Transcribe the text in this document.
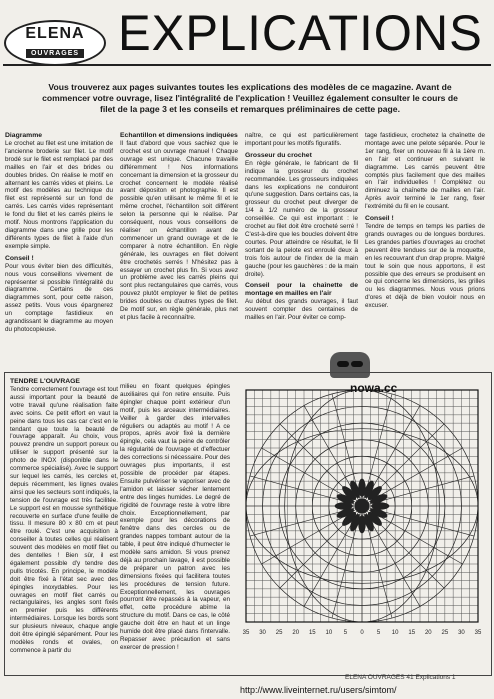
ELENA
OUVRAGES EXPLICATIONS
Vous trouverez aux pages suivantes toutes les explications des modèles de ce magazine. Avant de commencer votre ouvrage, lisez l'intégralité de l'explication ! Veuillez également consulter le cours de filet de la page 3 et les conseils et remarques préliminaires de cette page.
Diagramme

Le crochet au filet est une imitation de l'ancienne broderie sur filet. Le motif brodé sur le filet est remplacé par des mailles en l'air et des brides ou doubles brides. On réalise le motif en alternant les carrés vides et pleins. Le motif des modèles au technique du filet est représenté sur un fond de carrés. Les carrés vides représentant le fond du filet et les carrés pleins le motif. Nous montrons l'application du diagramme dans une grille pour les différents types de filet à l'aide d'un exemple simple.

Conseil !

Pour vous éviter bien des difficultés, nous vous conseillons vivement de représenter si possible l'intégralité du diagramme. Certains de ces diagrammes sont, pour cette raison, assez petits. Vous vous épargnerez un comptage fastidieux en agrandissant le diagramme au moyen du photocopieuse.

Echantillon et dimensions indiquées

Il faut d'abord que vous sachiez que le crochet est un ouvrage manuel ! Chaque ouvrage est unique. Chacune travaille différemment ! Nos informations concernant la dimension et la grosseur du crochet concernent le modèle réalisé avant dépositon et photographie. Il est possible qu'en utilisant le même fil et le même crochet, l'échantillon soit différent selon la personne qui le réalise. Par conséquent, nous vous conseillons de réaliser un échantillon avant de commencer un grand ouvrage et de le comparer à notre échantillon. En règle générale, les ouvrages en filet doivent être crochetés serrés ! N'hésitez pas à essayer un crochet plus fin. Si vous avez un problème avec les carrés pleins qui sont plus rectangulaires que carrés, vous pouvez plutôt employer le filet de petites brides doubles ou d'autres types de filet. De motif sur, en règle générale, plus net et plus facile à reconnaître.

naître, ce qui est particulièrement important pour les motifs figuratifs.

Grosseur du crochet

En règle générale, le fabricant de fil indique la grosseur du crochet recommandée. Les grosseurs indiquées dans les explications ne conduiront qu'une suggestion. Dans certains cas, la grosseur du crochet peut diverger de 1/4 à 1/2 numéro de la grosseur conseillée. Ce qui est important : le crochet au filet doit être crocheté serré ! C'est-à-dire que les boucles doivent être courtes. Pour atteindre ce résultat, le fil sortant de la pelote est enroulé deux à trois fois autour de l'index de la main gauche (pour les gauchères : de la main droite).

Conseil pour la chaînette de montage en mailles en l'air

Au début des grands ouvrages, il faut souvent compter des centaines de mailles en l'air. Pour éviter ce comp-

tage fastidieux, crochetez la chaînette de montage avec une pelote séparée. Pour le 1er rang, fixer un nouveau fil à la 1ère m. en l'air et continuer en suivant le diagramme. Les carrés peuvent être comptés plus facilement que des mailles en l'air individuelles ! Complétez ou diminuez la chaînette de mailles en l'air. Après avoir terminé le 1er rang, fixer l'extrémité du fil en le cousant.

Conseil !

Tendre de temps en temps les parties de grands ouvrages ou de longues bordures. Les grandes parties d'ouvrages au crochet peuvent être tendues sur de la moquette, en les recouvrant d'un drap propre. Malgré tout le soin que nous apportons, il est possible que des erreurs se produisent en ce qui concerne les dimensions, les grilles ou les diagrammes. Nous vous prions d'ores et déjà de bien vouloir nous en excuser.

nowa.cc
TENDRE L'OUVRAGE

Tendre correctement l'ouvrage est tout aussi important pour la beauté de votre travail qu'une réalisation faite avec soins. Ce petit effort en vaut la peine dans tous les cas car c'est en le tendant que toute la beauté de l'ouvrage apparaît. Au choix, vous pouvez prendre un support poreux ou utiliser le support présenté sur la photo de INOX (disponible dans le commerce spécialisé). Avec le support sur lequel les carrés, les cercles et, depuis récemment, les lignes ovales ainsi que les secteurs sont indiqués, la tension de l'ouvrage est très facilitée. Le support est en mousse synthétique recouverte en surface d'une feuille de tissu. Il mesure 80 x 80 cm et peut être roulé. C'est une acquisition à conseiller à toutes celles qui réalisent souvent des modèles en motif filet ou des dentelles ! Bien sûr, il est également possible d'y tendre des pulls tricotés. En principe, le modèle doit être fixé à l'état sec avec des épingles inoxydables. Pour les ouvrages en motif filet carrés ou rectangulaires, les angles sont fixés en premier puis les différents intermédiaires. Lorsque les bords sont sur plusieurs niveaux, chaque angle doit être épinglé séparément. Pour les modèles ronds et ovales, on commence à partir du

milieu en fixant quelques épingles auxiliaires qui l'on retire ensuite. Puis épingler chaque point extérieur d'un motif, puis les arceaux intermédiaires. Veiller à garder des intervalles réguliers ou adaptés au motif ! A ce propos, après avoir fixé la dernière épingle, cela vaut la peine de contrôler la régularité de l'ouvrage et d'effectuer des corrections si nécessaire. Pour des ouvrages plus importants, il est possible de procéder par étapes. Ensuite pulvériser le vaporiser avec de l'amidon et laisser sécher lentement entre des linges humides. Le degré de rigidité de l'ouvrage reste à votre libre choix. Exceptionnellement, par exemple pour les décorations de fenêtre dans des cercles ou de grandes nappes tombant autour de la table, il peut être indiqué d'humecter le modèle sans amidon. Si vous prenez déjà au prochain lavage, il est possible de préparer un patron avec les dimensions fixées qui facilitera toutes les procédures de tension future. Exceptionnellement, les ouvrages pourront être repassés à la vapeur, en effet, cette procédure abîme la structure du motif. Dans ce cas, le côté gauche doit être en haut et un linge humide doit être placé dans l'intervalle. Repasser avec précaution et sans exercer de pression !

35 30 25 20 15 10 5 0 5 10 15 20 25 30 35
ELENA OUVRAGES 41 Explications 1
http://www.liveinternet.ru/users/simtom/
